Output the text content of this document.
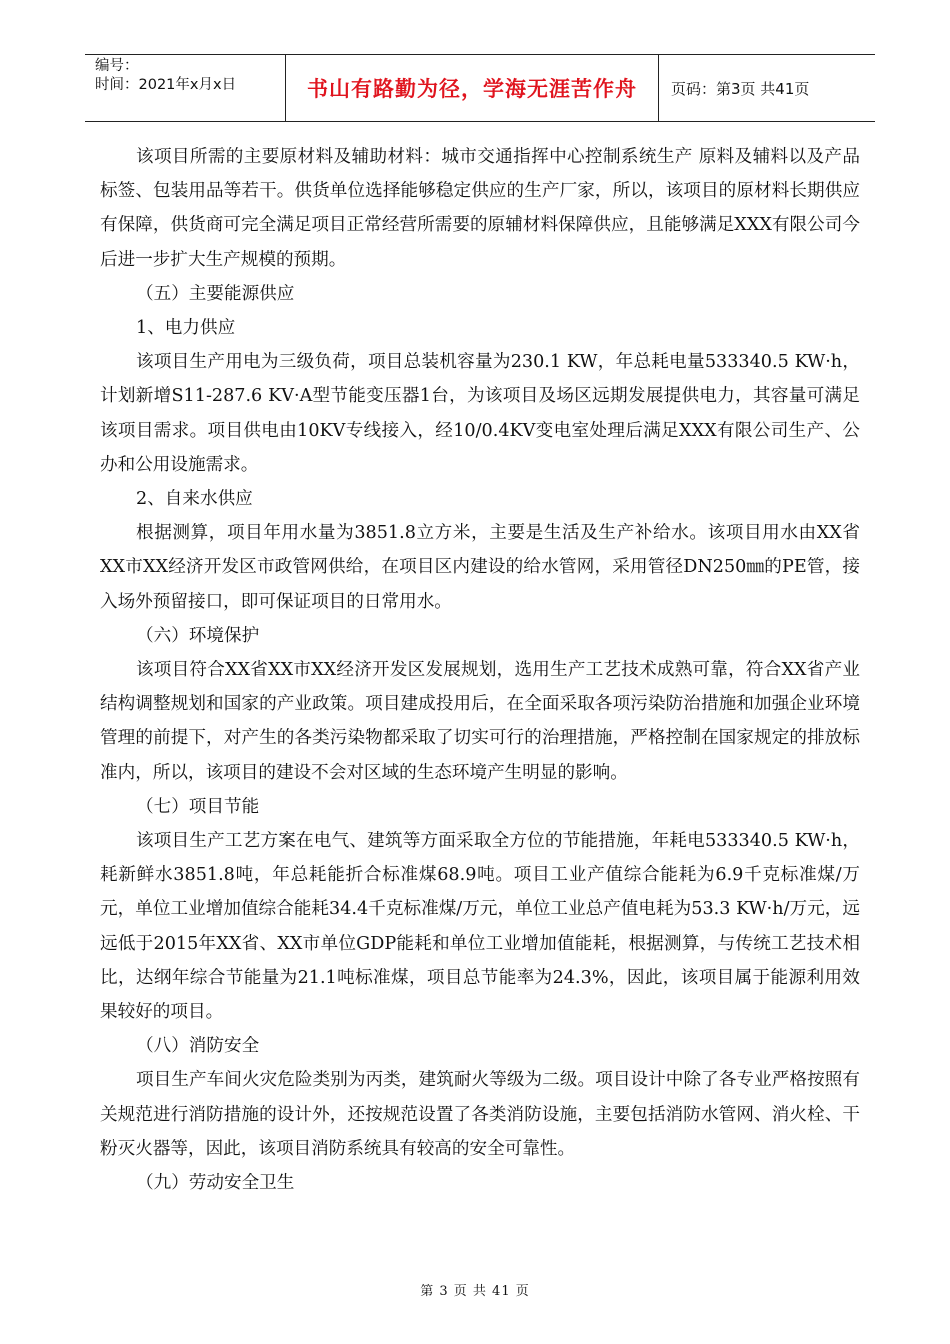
编号：
时间：2021年x月x日	书山有路勤为径，学海无涯苦作舟	页码：第3页 共41页

该项目所需的主要原材料及辅助材料：城市交通指挥中心控制系统生产 原料及辅料以及产品标签、包装用品等若干。供货单位选择能够稳定供应的生产厂家，所以，该项目的原材料长期供应有保障，供货商可完全满足项目正常经营所需要的原辅材料保障供应，且能够满足XXX有限公司今后进一步扩大生产规模的预期。

（五）主要能源供应

1、电力供应

该项目生产用电为三级负荷，项目总装机容量为230.1 KW，年总耗电量533340.5 KW·h，计划新增S11-287.6 KV·A型节能变压器1台，为该项目及场区远期发展提供电力，其容量可满足该项目需求。项目供电由10KV专线接入，经10/0.4KV变电室处理后满足XXX有限公司生产、公办和公用设施需求。

2、自来水供应

根据测算，项目年用水量为3851.8立方米，主要是生活及生产补给水。该项目用水由XX省XX市XX经济开发区市政管网供给，在项目区内建设的给水管网，采用管径DN250㎜的PE管，接入场外预留接口，即可保证项目的日常用水。

（六）环境保护

该项目符合XX省XX市XX经济开发区发展规划，选用生产工艺技术成熟可靠，符合XX省产业结构调整规划和国家的产业政策。项目建成投用后，在全面采取各项污染防治措施和加强企业环境管理的前提下，对产生的各类污染物都采取了切实可行的治理措施，严格控制在国家规定的排放标准内，所以，该项目的建设不会对区域的生态环境产生明显的影响。

（七）项目节能

该项目生产工艺方案在电气、建筑等方面采取全方位的节能措施，年耗电533340.5 KW·h，耗新鲜水3851.8吨，年总耗能折合标准煤68.9吨。项目工业产值综合能耗为6.9千克标准煤/万元，单位工业增加值综合能耗34.4千克标准煤/万元，单位工业总产值电耗为53.3 KW·h/万元，远远低于2015年XX省、XX市单位GDP能耗和单位工业增加值能耗，根据测算，与传统工艺技术相比，达纲年综合节能量为21.1吨标准煤，项目总节能率为24.3%，因此，该项目属于能源利用效果较好的项目。

（八）消防安全

项目生产车间火灾危险类别为丙类，建筑耐火等级为二级。项目设计中除了各专业严格按照有关规范进行消防措施的设计外，还按规范设置了各类消防设施，主要包括消防水管网、消火栓、干粉灭火器等，因此，该项目消防系统具有较高的安全可靠性。

（九）劳动安全卫生

第 3 页 共 41 页
